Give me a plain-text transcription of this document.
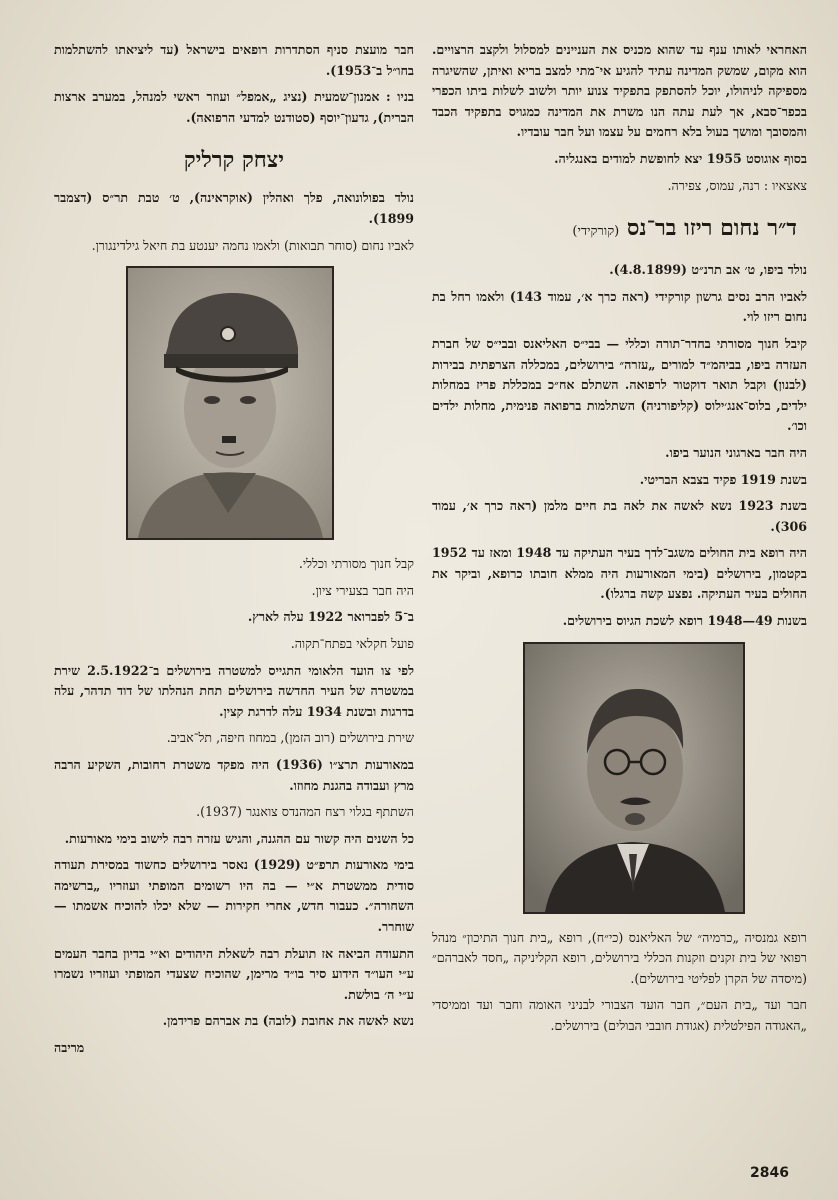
האחראי לאותו ענף עד שהוא מכניס את העניינים למסלול ולקצב הרצויים. הוא מקום, שמשק המדינה עתיד להגיע אי־מתי למצב בריא ואיתן, שהשיגרה מספיקה לניהולו, יוכל להסתפק בתפקיד צנוע יותר ולשוב לשלות ביתו הכפרי בכפר־סבא, אך לעת עתה הנו משרת את המדינה כמגויס בתפקיד הכבד והמסובך ומושך בעול בלא רחמים על עצמו ועל חבר עובדיו.

בסוף אוגוסט 1955 יצא לחופשת למודים באנגליה.

צאצאיו : רנה, עמוס, צפירה.

ד״ר נחום ריזו בר־נס (קורקידי)

נולד ביפו, ט׳ אב תרנ״ט (4.8.1899).

לאביו הרב נסים גרשון קורקידי (ראה כרך א׳, עמוד 143) ולאמו רחל בת נחום ריזו לוי.

קיבל חנוך מסורתי בחדר־תורה וכללי — בבי״ס האליאנס ובבי״ס של חברת העזרה ביפו, בביהמ״ד למורים „עזרה״ בירושלים, במכללה הצרפתית בבירות (לבנון) וקבל תואר דוקטור לרפואה. השתלם אח״כ במכללת פריז במחלות ילדים, בלוס־אנג׳ילוס (קליפורניה) השתלמות ברפואה פנימית, מחלות ילדים וכו׳.

היה חבר בארגוני הנוער ביפו.

בשנת 1919 פקיד בצבא הבריטי.

בשנת 1923 נשא לאשה את לאה בת חיים מלמן (ראה כרך א׳, עמוד 306).

היה רופא בית החולים משגב־לדך בעיר העתיקה עד 1948 ומאז עד 1952 בקטמון, בירושלים (בימי המאורעות היה ממלא חובתו כרופא, וביקר את החולים בעיר העתיקה. נפצע קשה ברגלו).

בשנות 49—1948 רופא לשכת הגיוס בירושלים.

רופא גמנסיה „כרמיה״ של האליאנס (כי״ח), רופא „בית חנוך התיכון״ מנהל רפואי של בית זקנים וזקנות הכללי בירושלים, רופא הקליניקה „חסד לאברהם״ (מיסדה של הקרן לפליטי בירושלים).

חבר ועד „בית העם״, חבר הועד הצבורי לבניני האומה וחבר ועד וממיסדי „האגודה הפילטלית (אגודת חובבי הבולים) בירושלים.

חבר מועצת סניף הסתדרות רופאים בישראל (עד ליציאתו להשתלמות בחו״ל ב־1953).

בניו : אמנון־שמעית (נציג „אמפל״ ועוזר ראשי למנהל, במערב ארצות הברית), גדעון־יוסף (סטודנט למדעי הרפואה).

יצחק קרליק

נולד בפולונואה, פלך ואהלין (אוקראינה), ט׳ טבת תר״ס (דצמבר 1899).

לאביו נחום (סוחר תבואות) ולאמו נחמה יענטע בת חיאל גילדינגורן.

קבל חנוך מסורתי וכללי.

היה חבר בצעירי ציון.

ב־5 לפברואר 1922 עלה לארץ.

פועל חקלאי בפתח־תקוה.

לפי צו הועד הלאומי התגייס למשטרה בירושלים ב־2.5.1922 שירת במשטרה של העיר החדשה בירושלים תחת הנהלתו של דוד תדהר, עלה בדרגות ובשנת 1934 עלה לדרגת קצין.

שירת בירושלים (רוב הזמן), במחוז חיפה, תל־אביב.

במאורעות תרצ״ו (1936) היה מפקד משטרת רחובות, השקיע הרבה מרץ ועבודה בהגנת מחוזו.

השתתף בגלוי רצח המהנדס צואנגר (1937).

כל השנים היה קשור עם ההגנה, והגיש עזרה רבה לישוב בימי מאורעות.

בימי מאורעות תרפ״ט (1929) נאסר בירושלים כחשוד במסירת תעודה סודית ממשטרת א״י — בה היו רשומים המופתי ועוזריו „ברשימה השחורה״. כעבור חדש, אחרי חקירות — שלא יכלו להוכיח אשמתו — שוחרר.

התעודה הביאה אז תועלת רבה לשאלת היהודים וא״י בדיון בחבר העמים ע״י העו״ד הידוע סיר בו״ד מרימן, שהוכיח שצעדי המופתי ועוזריו נשמרו ע״י ה׳ בולשת.

נשא לאשה את אחובת (לובה) בת אברהם פרידמן.

מריבה

2846
